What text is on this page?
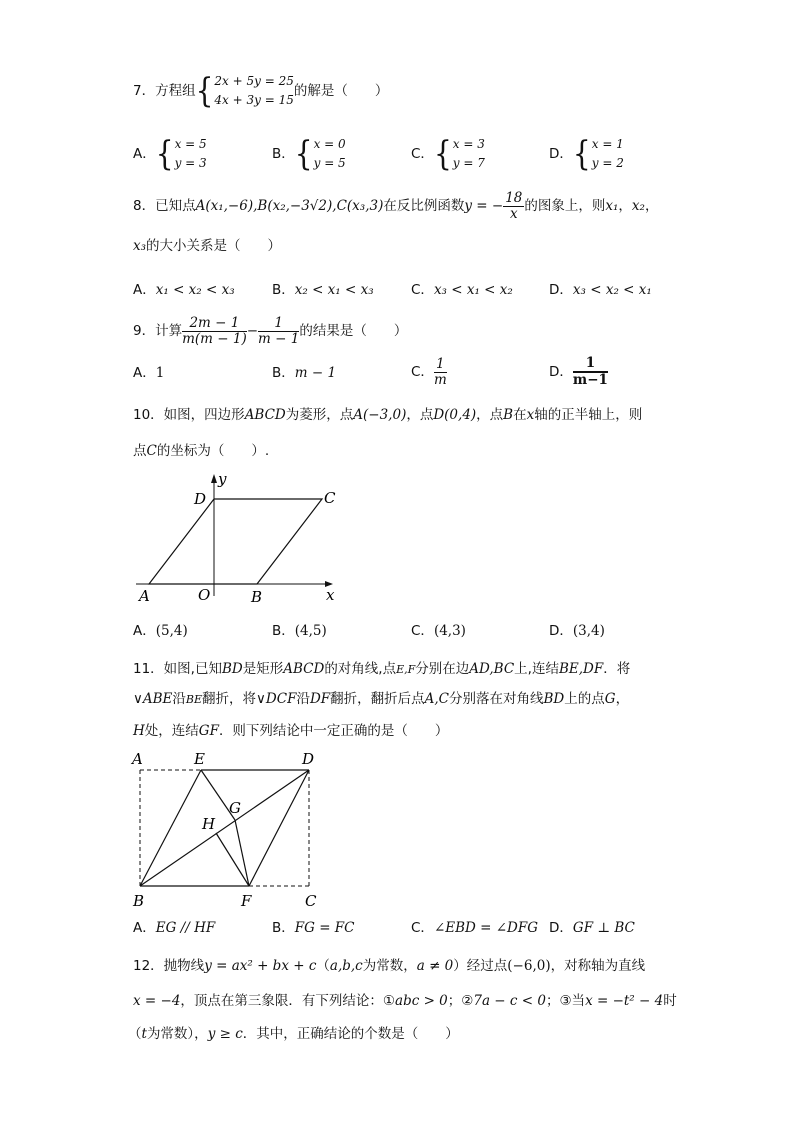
7．方程组{ 2x + 5y = 25
4x + 3y = 15
的解是（　　）
A．{ x = 5
y = 3
B．{ x = 0
y = 5
C．{ x = 3
y = 7
D．{ x = 1
y = 2
8．已知点A(x₁,−6),B(x₂,−3√2),C(x₃,3)在反比例函数y = − $\frac{18}{x}$ 的图象上，则x₁，x₂，
x₃的大小关系是（　　）
A．x₁ < x₂ < x₃	B．x₂ < x₁ < x₃	C．x₃ < x₁ < x₂	D．x₃ < x₂ < x₁
9．计算 $\frac{2m - 1}{m(m - 1)} - \frac{1}{m - 1}$ 的结果是（　　）
A．1	B．m − 1	C． $\frac{1}{m}$	D． $\frac{1}{m-1}$
10．如图，四边形ABCD为菱形，点A(−3,0)，点D(0,4)，点B在x轴的正半轴上，则
点C的坐标为（　　）.
y
D	C
A	O	B	x
A．(5,4)	B．(4,5)	C．(4,3)	D．(3,4)
11．如图,已知BD是矩形ABCD的对角线,点E,F分别在边AD,BC上,连结BE,DF．将
∨ABE沿BE翻折，将∨DCF沿DF翻折，翻折后点A,C分别落在对角线BD上的点G，
H处，连结GF．则下列结论中一定正确的是（　　）
A	E	D
G
H
B	F	C
A．EG // HF	B．FG = FC	C．∠EBD = ∠DFG D．GF ⊥ BC
12．抛物线y = ax² + bx + c（a,b,c为常数，a ≠ 0）经过点(−6,0)，对称轴为直线
x = −4，顶点在第三象限．有下列结论：①abc > 0；②7a − c < 0；③当x = −t² − 4时
（t为常数），y ≥ c．其中，正确结论的个数是（　　）
